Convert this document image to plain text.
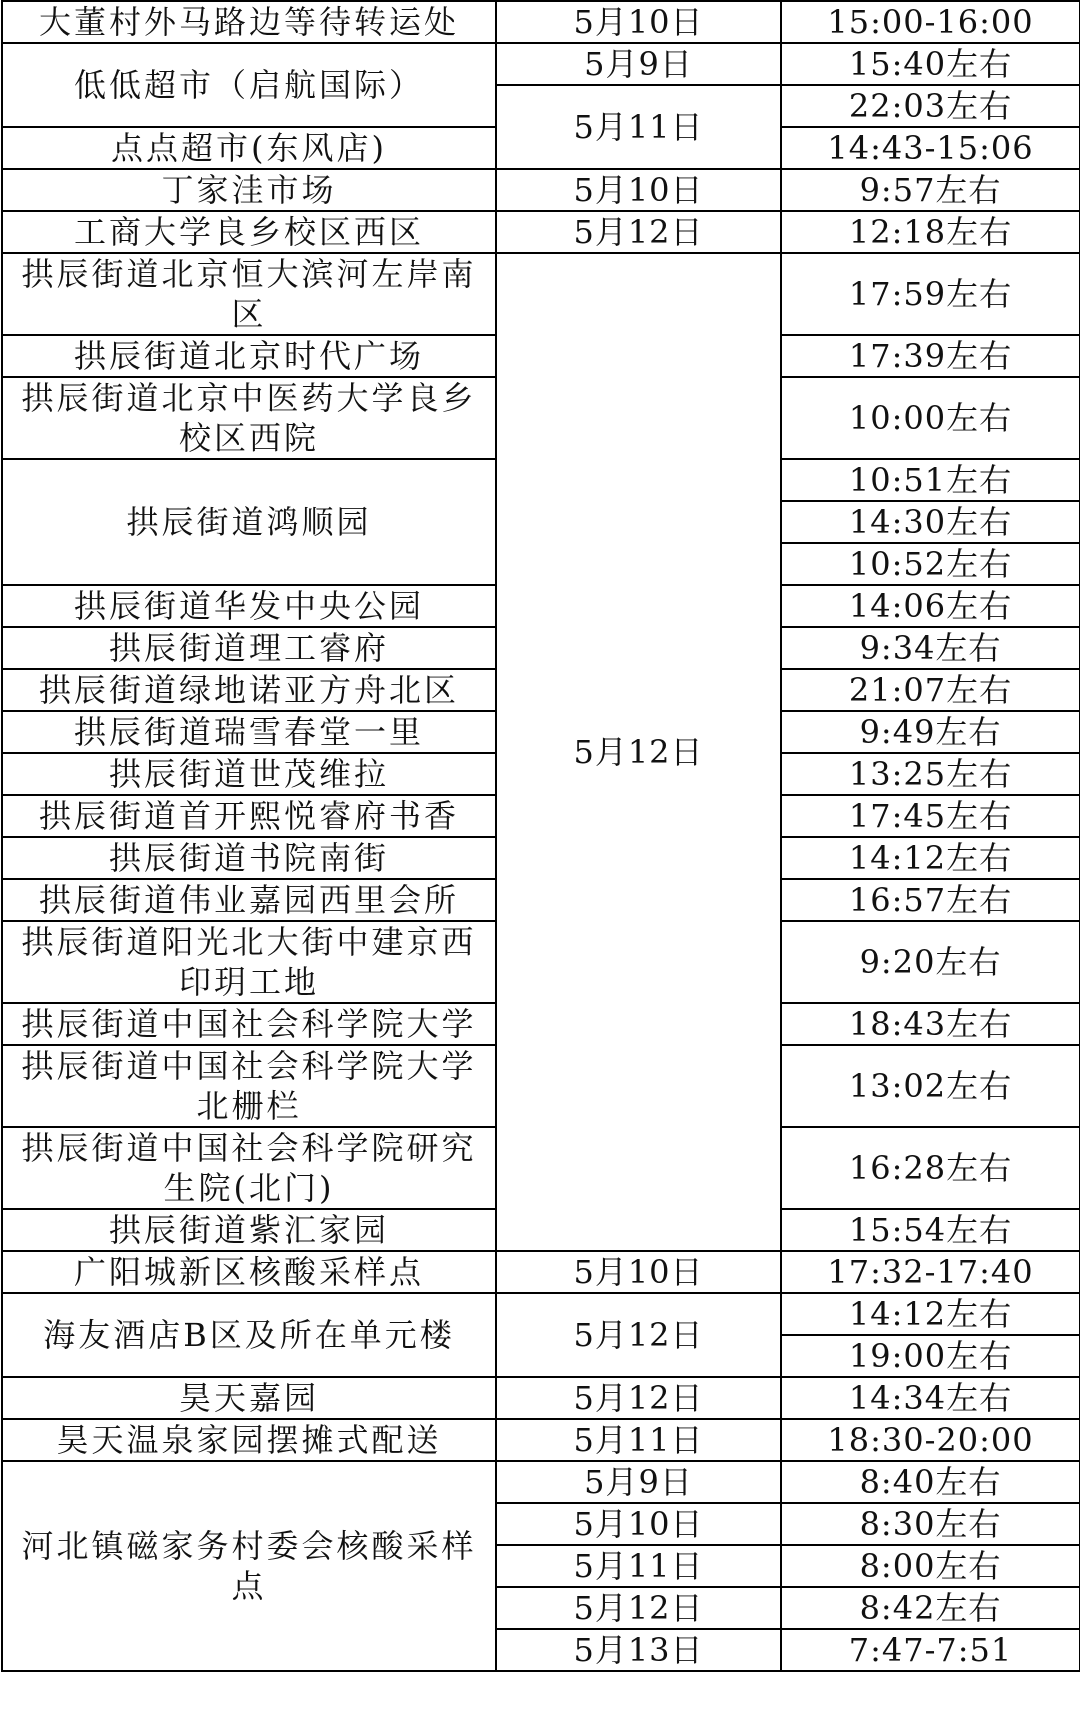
大董村外马路边等待转运处	5月10日	15:00-16:00
低低超市（启航国际）	5月9日	15:40左右
	5月11日	22:03左右
点点超市(东风店)		14:43-15:06
丁家洼市场	5月10日	9:57左右
工商大学良乡校区西区	5月12日	12:18左右
拱辰街道北京恒大滨河左岸南区	5月12日	17:59左右
拱辰街道北京时代广场		17:39左右
拱辰街道北京中医药大学良乡校区西院		10:00左右

拱辰街道鸿顺园		10:51左右
		14:30左右
		10:52左右
拱辰街道华发中央公园		14:06左右
拱辰街道理工睿府		9:34左右
拱辰街道绿地诺亚方舟北区		21:07左右
拱辰街道瑞雪春堂一里		9:49左右
拱辰街道世茂维拉		13:25左右
拱辰街道首开熙悦睿府书香		17:45左右
拱辰街道书院南街		14:12左右
拱辰街道伟业嘉园西里会所		16:57左右
拱辰街道阳光北大街中建京西印玥工地		9:20左右

拱辰街道中国社会科学院大学		18:43左右
拱辰街道中国社会科学院大学北栅栏		13:02左右

拱辰街道中国社会科学院研究生院(北门)		16:28左右

拱辰街道紫汇家园		15:54左右
广阳城新区核酸采样点	5月10日	17:32-17:40
海友酒店B区及所在单元楼	5月12日	14:12左右
		19:00左右
昊天嘉园	5月12日	14:34左右
昊天温泉家园摆摊式配送	5月11日	18:30-20:00
河北镇磁家务村委会核酸采样点	5月9日	8:40左右
	5月10日	8:30左右
	5月11日	8:00左右
	5月12日	8:42左右
	5月13日	7:47-7:51
